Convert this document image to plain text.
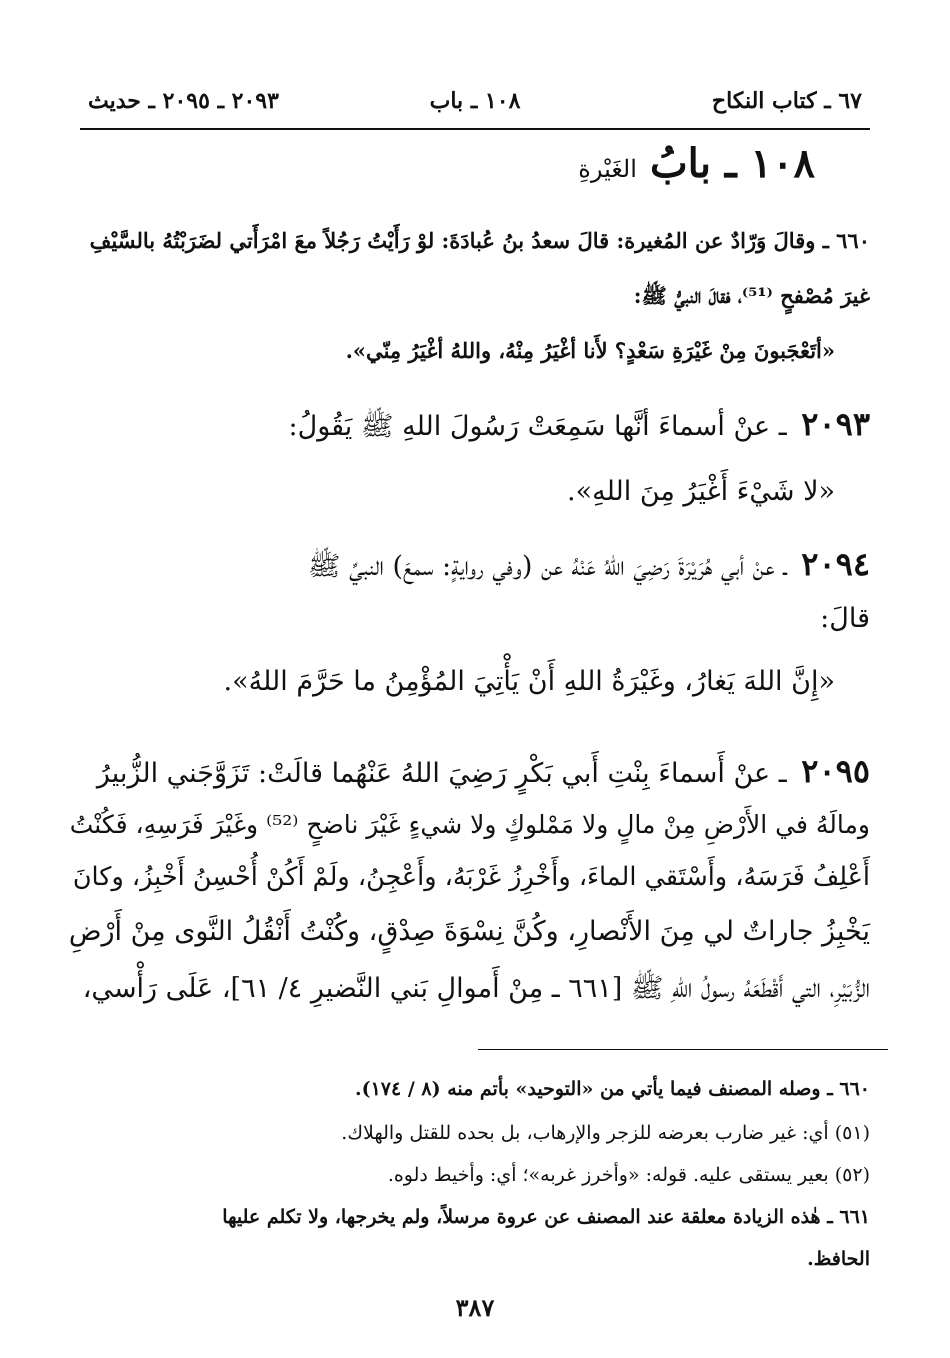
٦٧ ـ كتاب النكاح
١٠٨ ـ باب
٢٠٩٣ ـ ٢٠٩٥ ـ حديث
١٠٨ ـ بابُ الغَيْرةِ
٦٦٠ ـ وقالَ وَرّادٌ عن المُغيرة: قالَ سعدُ بنُ عُبادَةَ: لوْ رَأَيْتُ رَجُلاً معَ امْرَأَتي لضَرَبْتُهُ بالسَّيْفِ
غيرَ مُصْفحٍ ⁽⁵¹⁾، فقالَ النبيُّ ﷺ:
«أتَعْجَبونَ مِنْ غَيْرَةِ سَعْدٍ؟ لأَنا أغْيَرُ مِنْهُ، واللهُ أغْيَرُ مِنّي».
٢٠٩٣ ـ عنْ أسماءَ أنَّها سَمِعَتْ رَسُولَ اللهِ ﷺ يَقُولُ:
«لا شَيْءَ أَغْيَرُ مِنَ اللهِ».
٢٠٩٤ ـ عنْ أبي هُرَيْرَةَ رَضِيَ اللهُ عَنْهُ عن (وفي روايةٍ: سمعَ) النبيِّ ﷺ
قالَ:
«إِنَّ اللهَ يَغارُ، وغَيْرَةُ اللهِ أَنْ يَأْتِيَ المُؤْمِنُ ما حَرَّمَ اللهُ».
٢٠٩٥ ـ عنْ أَسماءَ بِنْتِ أَبي بَكْرٍ رَضِيَ اللهُ عَنْهُما قالَتْ: تَزَوَّجَني الزُّبيرُ
ومالَهُ في الأَرْضِ مِنْ مالٍ ولا مَمْلوكٍ ولا شيءٍ غَيْرَ ناضحٍ ⁽⁵²⁾ وغَيْرَ فَرَسِهِ، فَكُنْتُ
أَعْلِفُ فَرَسَهُ، وأَسْتَقي الماءَ، وأَخْرِزُ غَرْبَهُ، وأَعْجِنُ، ولَمْ أَكُنْ أُحْسِنُ أَخْبِزُ، وكانَ
يَخْبِزُ جاراتٌ لي مِنَ الأَنْصارِ، وكُنَّ نِسْوَةَ صِدْقٍ، وكُنْتُ أَنْقُلُ النَّوى مِنْ أَرْضِ
الزُّبَيْرِ، التي أَقْطَعَهُ رسولُ اللهِ ﷺ [٦٦١ ـ مِنْ أَموالِ بَني النَّضيرِ ٤/ ٦١]، عَلَى رَأْسي،
٦٦٠ ـ وصله المصنف فيما يأتي من «التوحيد» بأتم منه (٨ / ١٧٤).
(٥١) أي: غير ضارب بعرضه للزجر والإرهاب، بل بحده للقتل والهلاك.
(٥٢) بعير يستقى عليه. قوله: «وأخرز غربه»؛ أي: وأخيط دلوه.
٦٦١ ـ هٰذه الزيادة معلقة عند المصنف عن عروة مرسلاً، ولم يخرجها، ولا تكلم عليها
الحافظ.
٣٨٧
